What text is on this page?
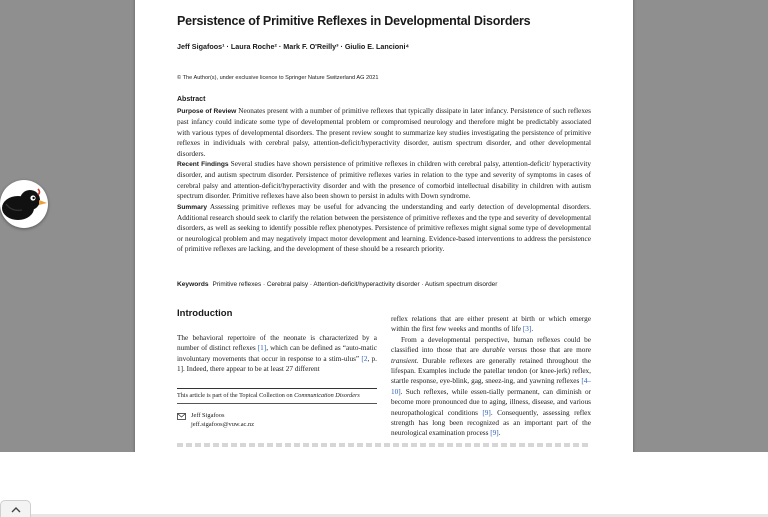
Persistence of Primitive Reflexes in Developmental Disorders
Jeff Sigafoos¹ · Laura Roche² · Mark F. O'Reilly³ · Giulio E. Lancioni⁴
© The Author(s), under exclusive licence to Springer Nature Switzerland AG 2021
Abstract

Purpose of Review Neonates present with a number of primitive reflexes that typically dissipate in later infancy. Persistence of such reflexes past infancy could indicate some type of developmental problem or compromised neurology and therefore might be predictably associated with various types of developmental disorders. The present review sought to summarize key studies investigating the persistence of primitive reflexes in individuals with cerebral palsy, attention-deficit/hyperactivity disorder, autism spectrum disorder, and other developmental disorders.

Recent Findings Several studies have shown persistence of primitive reflexes in children with cerebral palsy, attention-deficit/ hyperactivity disorder, and autism spectrum disorder. Persistence of primitive reflexes varies in relation to the type and severity of symptoms in cases of cerebral palsy and attention-deficit/hyperactivity disorder and with the presence of comorbid intellectual disability in children with autism spectrum disorder. Primitive reflexes have also been shown to persist in adults with Down syndrome.

Summary Assessing primitive reflexes may be useful for advancing the understanding and early detection of developmental disorders. Additional research should seek to clarify the relation between the persistence of primitive reflexes and the type and severity of developmental disorders, as well as seeking to identify possible reflex phenotypes. Persistence of primitive reflexes might signal some type of developmental or neurological problem and may negatively impact motor development and learning. Evidence-based interventions to address the persistence of primitive reflexes are lacking, and the development of these should be a research priority.

Keywords Primitive reflexes · Cerebral palsy · Attention-deficit/hyperactivity disorder · Autism spectrum disorder
Introduction

The behavioral repertoire of the neonate is characterized by a number of distinct reflexes [1], which can be defined as “auto-matic involuntary movements that occur in response to a stim-ulus” [2, p. 1]. Indeed, there appear to be at least 27 different

This article is part of the Topical Collection on Communication Disorders
Jeff Sigafoos
jeff.sigafoos@vuw.ac.nz

reflex relations that are either present at birth or which emerge within the first few weeks and months of life [3].

From a developmental perspective, human reflexes could be classified into those that are durable versus those that are more transient. Durable reflexes are generally retained throughout the lifespan. Examples include the patellar tendon (or knee-jerk) reflex, startle response, eye-blink, gag, sneez-ing, and yawning reflexes [4–10]. Such reflexes, while essen-tially permanent, can diminish or become more pronounced due to aging, illness, disease, and various neuropathological conditions [9]. Consequently, assessing reflex strength has long been recognized as an important part of the neurological examination process [9].
